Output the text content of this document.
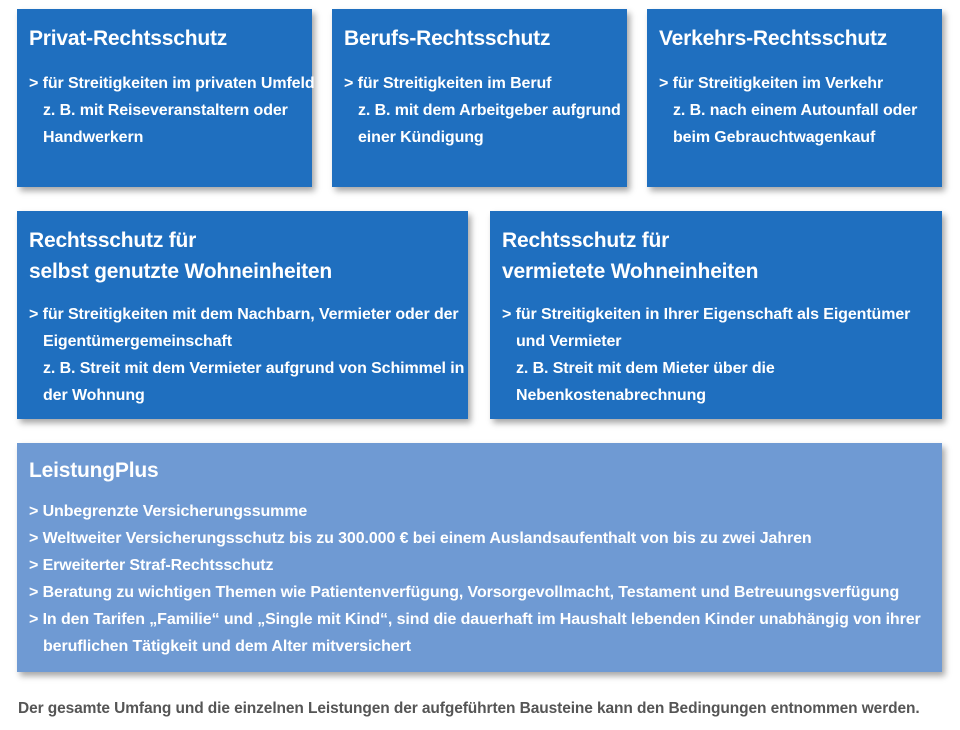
Privat-Rechtsschutz
> für Streitigkeiten im privaten Umfeld
z. B. mit Reiseveranstaltern oder
Handwerkern
Berufs-Rechtsschutz
> für Streitigkeiten im Beruf
z. B. mit dem Arbeitgeber aufgrund
einer Kündigung
Verkehrs-Rechtsschutz
> für Streitigkeiten im Verkehr
z. B. nach einem Autounfall oder
beim Gebrauchtwagenkauf
Rechtsschutz für
selbst genutzte Wohneinheiten
> für Streitigkeiten mit dem Nachbarn, Vermieter oder der
Eigentümergemeinschaft
z. B. Streit mit dem Vermieter aufgrund von Schimmel in
der Wohnung
Rechtsschutz für
vermietete Wohneinheiten
> für Streitigkeiten in Ihrer Eigenschaft als Eigentümer
und Vermieter
z. B. Streit mit dem Mieter über die
Nebenkostenabrechnung
LeistungPlus
> Unbegrenzte Versicherungssumme
> Weltweiter Versicherungsschutz bis zu 300.000 € bei einem Auslandsaufenthalt von bis zu zwei Jahren
> Erweiterter Straf-Rechtsschutz
> Beratung zu wichtigen Themen wie Patientenverfügung, Vorsorgevollmacht, Testament und Betreuungsverfügung
> In den Tarifen „Familie“ und „Single mit Kind“, sind die dauerhaft im Haushalt lebenden Kinder unabhängig von ihrer
beruflichen Tätigkeit und dem Alter mitversichert
Der gesamte Umfang und die einzelnen Leistungen der aufgeführten Bausteine kann den Bedingungen entnommen werden.
